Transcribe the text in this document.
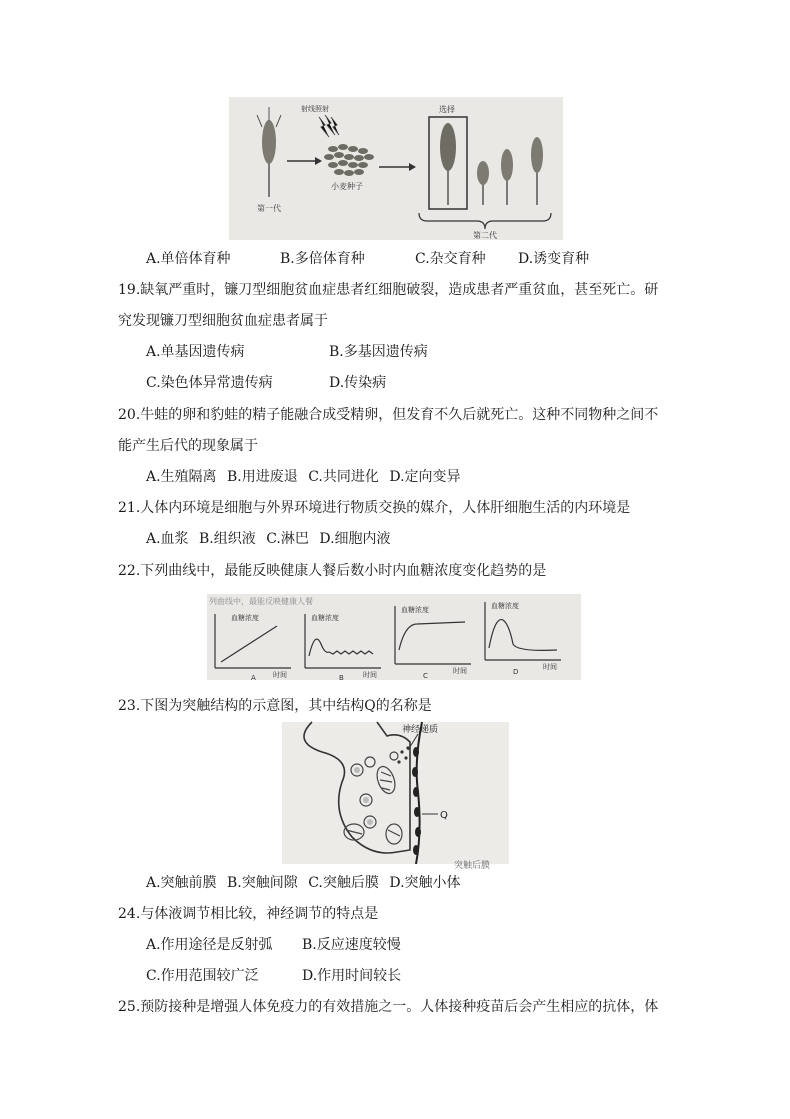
第一代
射线照射
小麦种子
选择
第二代
A.单倍体育种	B.多倍体育种	C.杂交育种 D.诱变育种
19.缺氧严重时，镰刀型细胞贫血症患者红细胞破裂，造成患者严重贫血，甚至死亡。研
究发现镰刀型细胞贫血症患者属于
A.单基因遗传病	B.多基因遗传病
C.染色体异常遗传病	D.传染病
20.牛蛙的卵和豹蛙的精子能融合成受精卵，但发育不久后就死亡。这种不同物种之间不
能产生后代的现象属于
A.生殖隔离 B.用进废退 C.共同进化 D.定向变异
21.人体内环境是细胞与外界环境进行物质交换的媒介，人体肝细胞生活的内环境是
A.血浆 B.组织液 C.淋巴 D.细胞内液
22.下列曲线中，最能反映健康人餐后数小时内血糖浓度变化趋势的是
列曲线中，最能反映健康人餐
血糖浓度
时间
血糖浓度
时间
B
血糖浓度
时间
C
血糖浓度
时间
D
A
23.下图为突触结构的示意图，其中结构Q的名称是
神经递质
Q
突触后膜
A.突触前膜 B.突触间隙 C.突触后膜 D.突触小体
24.与体液调节相比较，神经调节的特点是
A.作用途径是反射弧 B.反应速度较慢
C.作用范围较广泛	D.作用时间较长
25.预防接种是增强人体免疫力的有效措施之一。人体接种疫苗后会产生相应的抗体，体
